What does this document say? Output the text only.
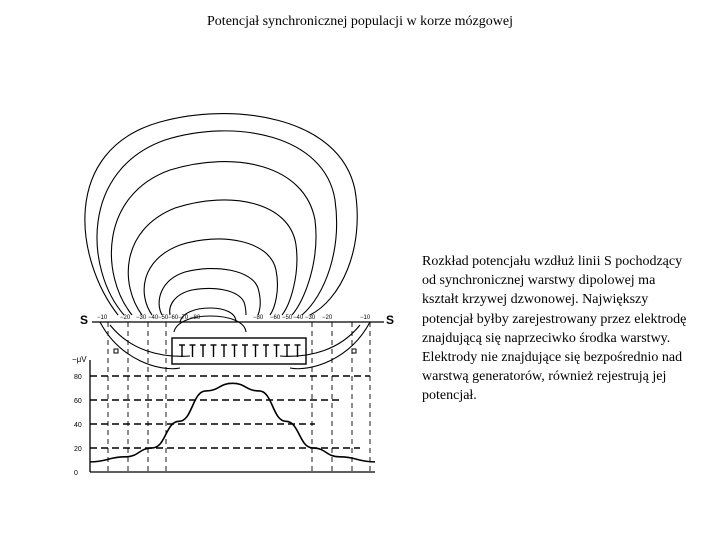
Potencjał synchronicznej populacji w korze mózgowej
S	S
−μV
80
60
40
20
0
−10 −20 −30 −40 −50 −60 −70 −80	−80 −60 −50 −40 −30 −20	−10
Rozkład potencjału wzdłuż linii S pochodzący od synchronicznej warstwy dipolowej ma kształt krzywej dzwonowej. Największy potencjał byłby zarejestrowany przez elektrodę znajdującą się naprzeciwko środka warstwy. Elektrody nie znajdujące się bezpośrednio nad warstwą generatorów, również rejestrują jej potencjał.
